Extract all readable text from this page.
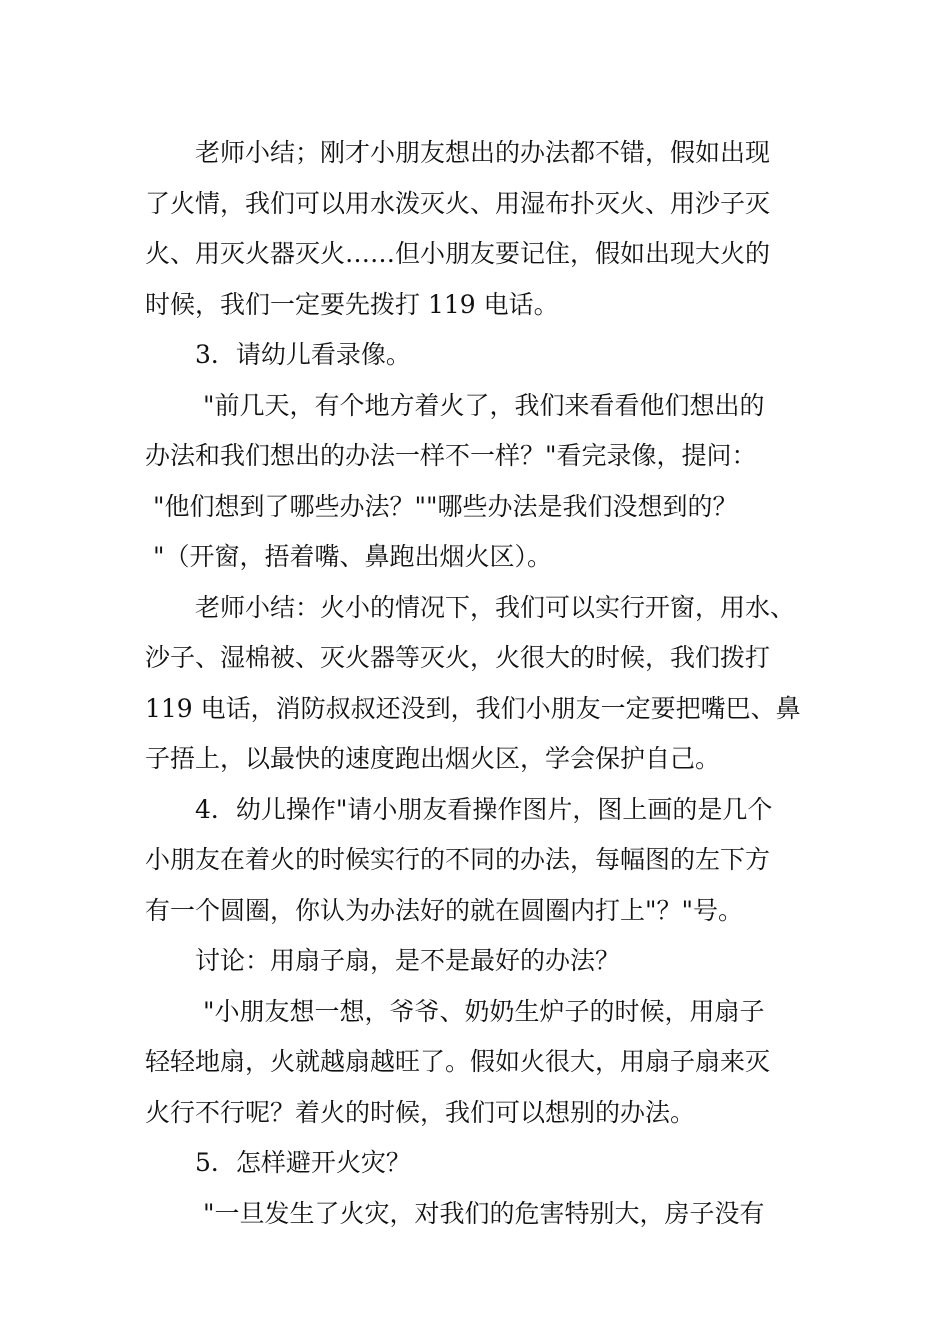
老师小结；刚才小朋友想出的办法都不错，假如出现
了火情，我们可以用水泼灭火、用湿布扑灭火、用沙子灭
火、用灭火器灭火……但小朋友要记住，假如出现大火的
时候，我们一定要先拨打 119 电话。
3．请幼儿看录像。
"前几天，有个地方着火了，我们来看看他们想出的
办法和我们想出的办法一样不一样？"看完录像，提问：
"他们想到了哪些办法？""哪些办法是我们没想到的？
"（开窗，捂着嘴、鼻跑出烟火区）。
老师小结：火小的情况下，我们可以实行开窗，用水、
沙子、湿棉被、灭火器等灭火，火很大的时候，我们拨打
119 电话，消防叔叔还没到，我们小朋友一定要把嘴巴、鼻
子捂上，以最快的速度跑出烟火区，学会保护自己。
4．幼儿操作"请小朋友看操作图片，图上画的是几个
小朋友在着火的时候实行的不同的办法，每幅图的左下方
有一个圆圈，你认为办法好的就在圆圈内打上"？"号。
讨论：用扇子扇，是不是最好的办法？
"小朋友想一想，爷爷、奶奶生炉子的时候，用扇子
轻轻地扇，火就越扇越旺了。假如火很大，用扇子扇来灭
火行不行呢？着火的时候，我们可以想别的办法。
5．怎样避开火灾？
"一旦发生了火灾，对我们的危害特别大，房子没有
